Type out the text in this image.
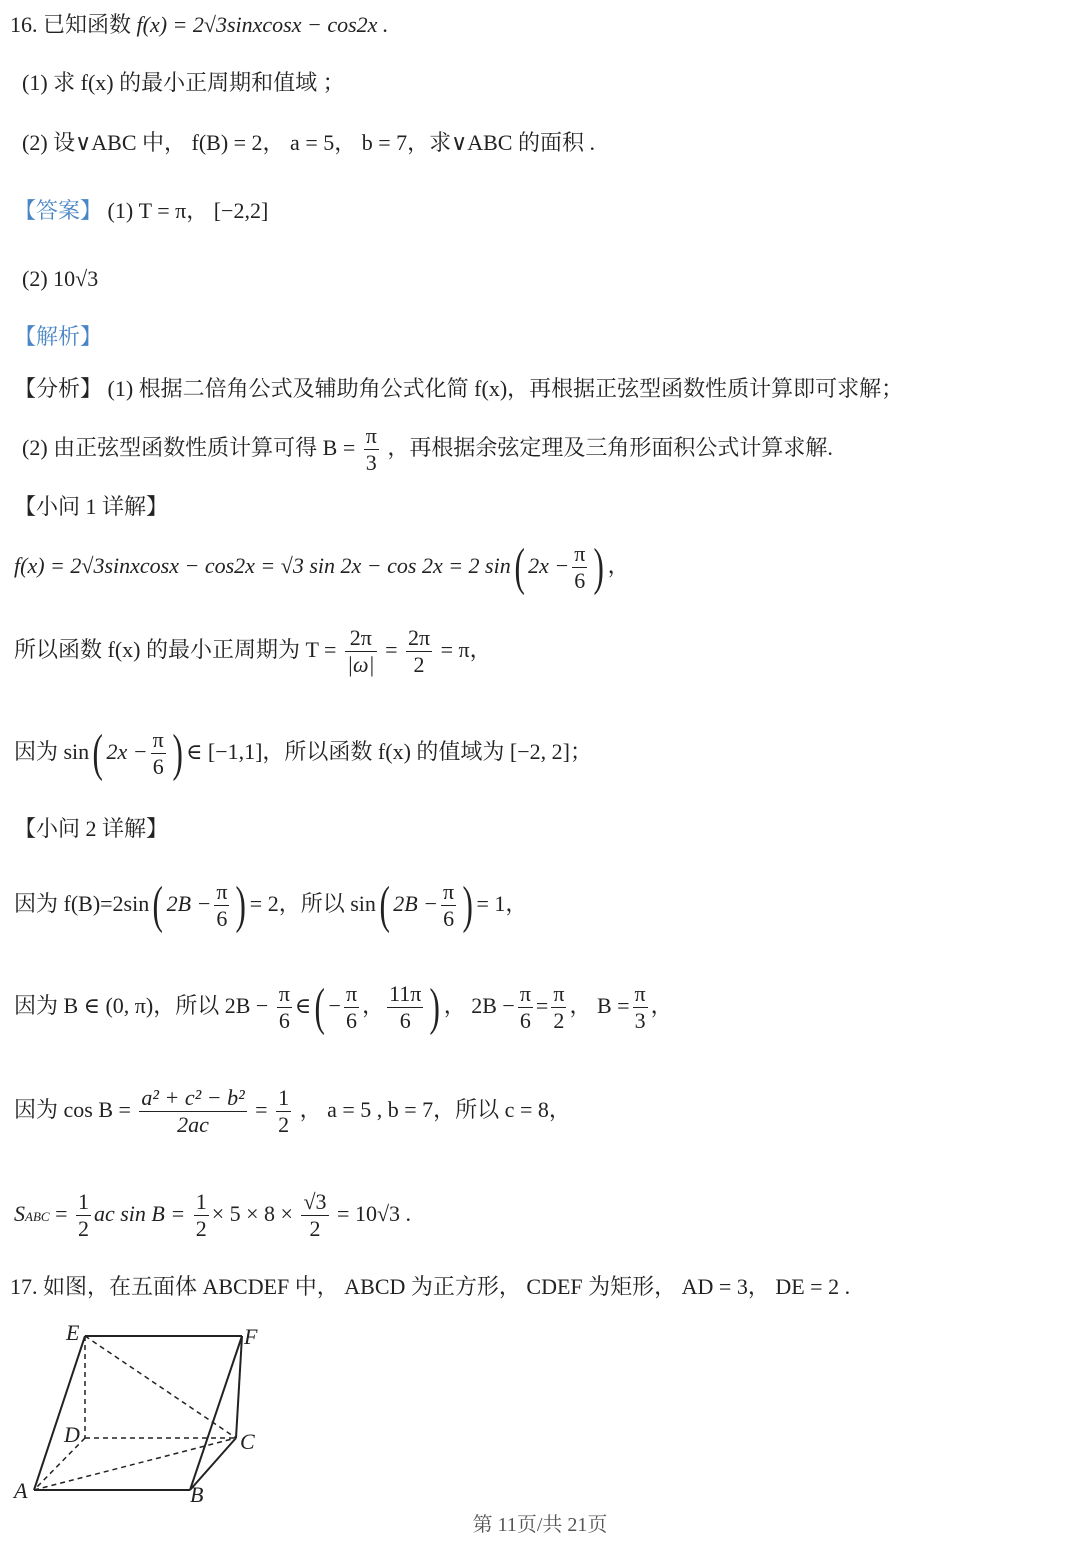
16. 已知函数 f(x) = 2√3sinxcosx − cos2x .
(1) 求 f(x) 的最小正周期和值域 ；
(2) 设∨ABC 中， f(B) = 2， a = 5， b = 7，求∨ABC 的面积 .
【答案】 (1) T = π， [−2,2]
(2) 10√3
【解析】
【分析】 (1) 根据二倍角公式及辅助角公式化简 f(x)，再根据正弦型函数性质计算即可求解；
(2) 由正弦型函数性质计算可得 $B = \frac{\pi}{3}$ ，再根据余弦定理及三角形面积公式计算求解.
【小问 1 详解】
f(x) = 2√3sinxcosx − cos2x = √3 sin 2x − cos 2x = 2 sin( $2x - \frac{\pi}{6}$ ) ，
所以函数 f(x) 的最小正周期为 $T = \frac{2\pi}{|\omega|} = \frac{2\pi}{2} = \pi$，
因为 sin( $2x - \frac{\pi}{6}$ ) ∈ [−1,1]，所以函数 f(x) 的值域为 [−2, 2]；
【小问 2 详解】
因为 f(B)=2sin( $2B - \frac{\pi}{6}$ ) = 2，所以 sin( $2B - \frac{\pi}{6}$ ) = 1，
因为 B ∈ (0, π)，所以 $2B - \frac{\pi}{6}$ ∈( − $\frac{\pi}{6}$ ， $\frac{11\pi}{6}$ ) ， $2B - \frac{\pi}{6} = \frac{\pi}{2}$ ， $B = \frac{\pi}{3}$ ，
因为 $\cos B = \frac{\text{a² + c² − b²}}{2ac} = \frac{1}{2}$ ， a = 5 , b = 7，所以 c = 8，
SABC = $\frac{1}{2}$ ac $\sin B = \frac{1}{2} \times 5 \times 8 \times \frac{√3}{2} = 10√3$ .
17. 如图，在五面体 ABCDEF 中， ABCD 为正方形， CDEF 为矩形， AD = 3， DE = 2 .
E	F
D	C
A	B
第 11页/共 21页
